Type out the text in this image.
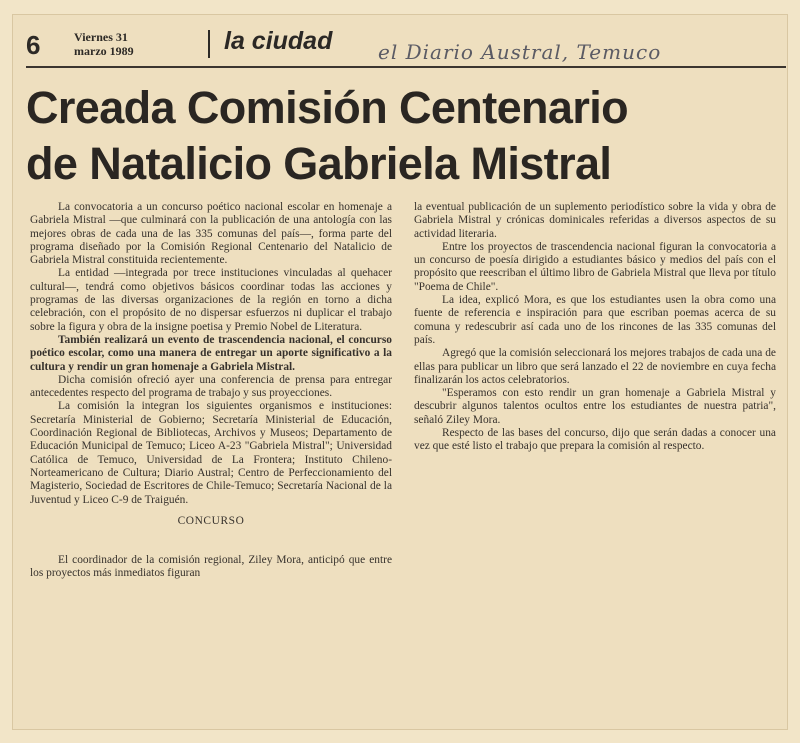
6	Viernes 31
marzo 1989	la ciudad el Diario Austral, Temuco
Creada Comisión Centenario
de Natalicio Gabriela Mistral

La convocatoria a un concurso poético nacional escolar en homenaje a Gabriela Mistral —que culminará con la publicación de una antología con las mejores obras de cada una de las 335 comunas del país—, forma parte del programa diseñado por la Comisión Regional Centenario del Natalicio de Gabriela Mistral constituida recientemente.

La entidad —integrada por trece instituciones vinculadas al quehacer cultural—, tendrá como objetivos básicos coordinar todas las acciones y programas de las diversas organizaciones de la región en torno a dicha celebración, con el propósito de no dispersar esfuerzos ni duplicar el trabajo sobre la figura y obra de la insigne poetisa y Premio Nobel de Literatura.

También realizará un evento de trascendencia nacional, el concurso poético escolar, como una manera de entregar un aporte significativo a la cultura y rendir un gran homenaje a Gabriela Mistral.

Dicha comisión ofreció ayer una conferencia de prensa para entregar antecedentes respecto del programa de trabajo y sus proyecciones.

La comisión la integran los siguientes organismos e instituciones: Secretaría Ministerial de Gobierno; Secretaría Ministerial de Educación, Coordinación Regional de Bibliotecas, Archivos y Museos; Departamento de Educación Municipal de Temuco; Liceo A-23 "Gabriela Mistral"; Universidad Católica de Temuco, Universidad de La Frontera; Instituto Chileno-Norteamericano de Cultura; Diario Austral; Centro de Perfeccionamiento del Magisterio, Sociedad de Escritores de Chile-Temuco; Secretaría Nacional de la Juventud y Liceo C-9 de Traiguén.

CONCURSO

El coordinador de la comisión regional, Ziley Mora, anticipó que entre los proyectos más inmediatos figuran

la eventual publicación de un suplemento periodístico sobre la vida y obra de Gabriela Mistral y crónicas dominicales referidas a diversos aspectos de su actividad literaria.

Entre los proyectos de trascendencia nacional figuran la convocatoria a un concurso de poesía dirigido a estudiantes básico y medios del país con el propósito que reescriban el último libro de Gabriela Mistral que lleva por título "Poema de Chile".

La idea, explicó Mora, es que los estudiantes usen la obra como una fuente de referencia e inspiración para que escriban poemas acerca de su comuna y redescubrir así cada uno de los rincones de las 335 comunas del país.

Agregó que la comisión seleccionará los mejores trabajos de cada una de ellas para publicar un libro que será lanzado el 22 de noviembre en cuya fecha finalizarán los actos celebratorios.

"Esperamos con esto rendir un gran homenaje a Gabriela Mistral y descubrir algunos talentos ocultos entre los estudiantes de nuestra patria", señaló Ziley Mora.

Respecto de las bases del concurso, dijo que serán dadas a conocer una vez que esté listo el trabajo que prepara la comisión al respecto.
